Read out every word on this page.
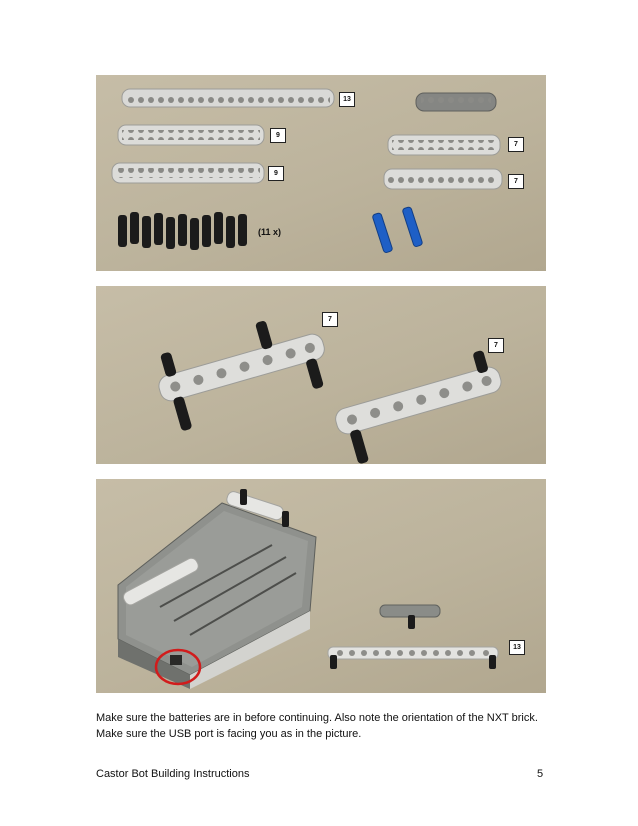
13
9
9
7
7
(11 x)
7
7
13

Make sure the batteries are in before continuing. Also note the orientation of the NXT brick. Make sure the USB port is facing you as in the picture.

Castor Bot Building Instructions	5
